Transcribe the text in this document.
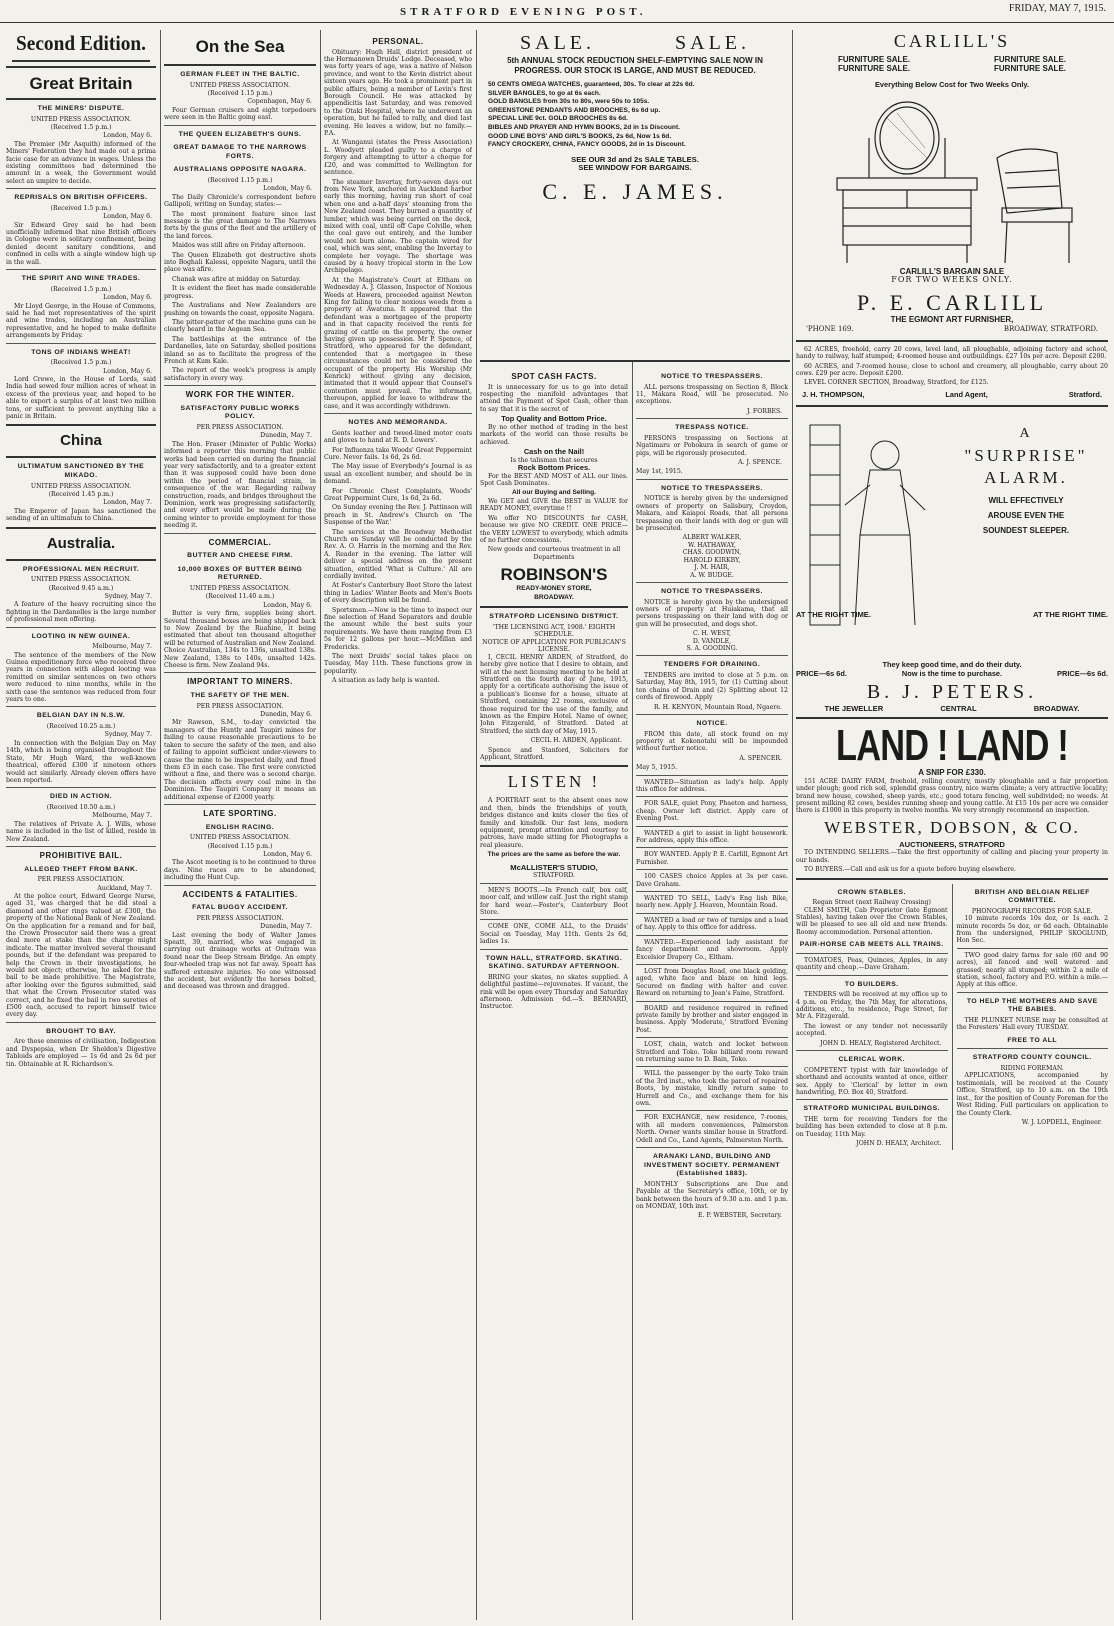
STRATFORD EVENING POST.	FRIDAY, MAY 7, 1915.
Second Edition.
Great Britain
THE MINERS' DISPUTE.
UNITED PRESS ASSOCIATION.
(Received 1.5 p.m.)
London, May 6.
The Premier (Mr Asquith) informed of the Miners' Federation they had made out a prima facie case for an advance in wages. Unless the existing committees had determined the amount in a week, the Government would select an umpire to decide.
REPRISALS ON BRITISH OFFICERS.
(Received 1.5 p.m.)
London, May 6.
Sir Edward Grey said he had been unofficially informed that nine British officers in Cologne were in solitary confinement, being denied decent sanitary conditions, and confined in cells with a single window high up in the wall.
THE SPIRIT AND WINE TRADES.
(Received 1.5 p.m.)
London, May 6.
Mr Lloyd George, in the House of Commons, said he had met representatives of the spirit and wine trades, including an Australian representative, and he hoped to make definite arrangements by Friday.
TONS OF INDIANS WHEAT!
(Received 1.5 p.m.)
London, May 6.
Lord Crewe, in the House of Lords, said India had sowed four million acres of wheat in excess of the previous year, and hoped to be able to export a surplus of at least two million tons, or sufficient to prevent anything like a panic in Britain.
China
ULTIMATUM SANCTIONED BY THE MIKADO.
UNITED PRESS ASSOCIATION.
(Received 1.45 p.m.)
London, May 7.
The Emperor of Japan has sanctioned the sending of an ultimatum to China.
Australia.
PROFESSIONAL MEN RECRUIT.
UNITED PRESS ASSOCIATION.
(Received 9.45 a.m.)
Sydney, May 7.
A feature of the heavy recruiting since the fighting in the Dardanelles is the large number of professional men offering.
LOOTING IN NEW GUINEA.
Melbourne, May 7.
The sentence of the members of the New Guinea expeditionary force who received three years in connection with alleged looting was remitted on similar sentences on two others were reduced to nine months, while in the sixth case the sentence was reduced from four years to one.
BELGIAN DAY IN N.S.W.
(Received 10.25 a.m.)
Sydney, May 7.
In connection with the Belgian Day on May 14th, which is being organised throughout the State, Mr Hugh Ward, the well-known theatrical, offered £300 if nineteen others would act similarly. Already eleven offers have been reported.
DIED IN ACTION.
(Received 10.50 a.m.)
Melbourne, May 7.
The relatives of Private A. J. Wills, whose name is included in the list of killed, reside in New Zealand.
PROHIBITIVE BAIL.
ALLEGED THEFT FROM BANK.
PER PRESS ASSOCIATION.
Auckland, May 7.
At the police court, Edward George Nurse, aged 31, was charged that he did steal a diamond and other rings valued at £300, the property of the National Bank of New Zealand. On the application for a remand and for bail, the Crown Prosecutor said there was a great deal more at stake than the charge might indicate. The matter involved several thousand pounds, but if the defendant was prepared to help the Crown in their investigations, he would not object; otherwise, he asked for the bail to be made prohibitive. The Magistrate, after looking over the figures submitted, said that what the Crown Prosecutor stated was correct, and he fixed the bail in two sureties of £500 each, accused to report himself twice every day.
BROUGHT TO BAY.
Are these enemies of civilisation, Indigestion and Dyspepsia, when Dr Sheldon's Digestive Tabloids are employed — 1s 6d and 2s 6d per tin. Obtainable at R. Richardson's.
On the Sea
GERMAN FLEET IN THE BALTIC.
UNITED PRESS ASSOCIATION.
(Received 1.15 p.m.)
Copenhagen, May 6.
Four German cruisers and eight torpedoers were seen in the Baltic going east.
THE QUEEN ELIZABETH'S GUNS.
GREAT DAMAGE TO THE NARROWS FORTS.
AUSTRALIANS OPPOSITE NAGARA.
(Received 1.15 p.m.)
London, May 6.
The Daily Chronicle's correspondent before Gallipoli, writing on Sunday, states:—
The most prominent feature since last message is the great damage to The Narrows forts by the guns of the fleet and the artillery of the land forces.
Maidos was still afire on Friday afternoon.
The Queen Elizabeth got destructive shots into Boghali Kalessi, opposite Nagara, until the place was afire.
Chanak was afire at midday on Saturday.
It is evident the fleet has made considerable progress.
The Australians and New Zealanders are pushing on towards the coast, opposite Nagara.
The pitter-patter of the machine guns can be clearly heard in the Aegean Sea.
The battleships at the entrance of the Dardanelles, late on Saturday, shelled positions inland so as to facilitate the progress of the French at Kum Kale.
The report of the week's progress is amply satisfactory in every way.
WORK FOR THE WINTER.
SATISFACTORY PUBLIC WORKS POLICY.
PER PRESS ASSOCIATION.
Dunedin, May 7.
The Hon. Fraser (Minister of Public Works) informed a reporter this morning that public works had been carried on during the financial year very satisfactorily, and to a greater extent than it was supposed could have been done within the period of financial strain, in consequence of the war. Regarding railway construction, roads, and bridges throughout the Dominion, work was progressing satisfactorily, and every effort would be made during the coming winter to provide employment for those needing it.
COMMERCIAL.
BUTTER AND CHEESE FIRM.
10,000 BOXES OF BUTTER BEING RETURNED.
UNITED PRESS ASSOCIATION.
(Received 11.40 a.m.)
London, May 6.
Butter is very firm, supplies being short. Several thousand boxes are being shipped back to New Zealand by the Ruahine, it being estimated that about ten thousand altogether will be returned of Australian and New Zealand. Choice Australian, 134s to 136s, unsalted 138s. New Zealand, 138s to 140s, unsalted 142s. Cheese is firm. New Zealand 94s.
IMPORTANT TO MINERS.
THE SAFETY OF THE MEN.
PER PRESS ASSOCIATION.
Dunedin, May 6.
Mr Rawson, S.M., to-day convicted the managers of the Huntly and Taupiri mines for failing to cause reasonable precautions to be taken to secure the safety of the men, and also of failing to appoint sufficient under-viewers to cause the mine to be inspected daily, and fined them £5 in each case. The first were convicted without a fine, and there was a second charge. The decision affects every coal mine in the Dominion. The Taupiri Company it means an additional expense of £2000 yearly.
LATE SPORTING.
ENGLISH RACING.
UNITED PRESS ASSOCIATION.
(Received 1.15 p.m.)
London, May 6.
The Ascot meeting is to be continued to three days. Nine races are to be abandoned, including the Hunt Cup.
ACCIDENTS & FATALITIES.
FATAL BUGGY ACCIDENT.
PER PRESS ASSOCIATION.
Dunedin, May 7.
Last evening the body of Walter James Speatt, 39, married, who was engaged in carrying out drainage works at Outram was found near the Deep Stream Bridge. An empty four-wheeled trap was not far away. Speatt has suffered extensive injuries. No one witnessed the accident, but evidently the horses bolted, and deceased was thrown and dragged.
PERSONAL.
Obituary: Hugh Hall, district president of the Hermanown Druids' Lodge. Deceased, who was forty years of age, was a native of Nelson province, and went to the Kevin district about sixteen years ago. He took a prominent part in public affairs, being a member of Levin's first Borough Council. He was attacked by appendicitis last Saturday, and was removed to the Otaki Hospital, where he underwent an operation, but he failed to rally, and died last evening. He leaves a widow, but no family.—P.A.
At Wanganui (states the Press Association) L. Woodyett pleaded guilty to a charge of forgery and attempting to utter a cheque for £20, and was committed to Wellington for sentence.
The steamer Invertay, forty-seven days out from New York, anchored in Auckland harbor early this morning, having run short of coal when one and a-half days' steaming from the New Zealand coast. They burned a quantity of lumber, which was being carried on the deck, mixed with coal, until off Cape Colville, when the coal gave out entirely, and the lumber would not burn alone. The captain wired for coal, which was sent, enabling the Invertay to complete her voyage. The shortage was caused by a heavy tropical storm in the Low Archipelago.
At the Magistrate's Court at Eltham on Wednesday A. J. Glasson, Inspector of Noxious Weeds at Hawera, proceeded against Newton King for failing to clear noxious weeds from a property at Awatuna. It appeared that the defendant was a mortgagee of the property and in that capacity received the rents for grazing of cattle on the property, the owner having given up possession. Mr P. Spence, of Stratford, who appeared for the defendant, contended that a mortgagee in these circumstances could not be considered the occupant of the property. His Worship (Mr Kenrick) without giving any decision, intimated that it would appear that Counsel's contention must prevail. The informant, thereupon, applied for leave to withdraw the case, and it was accordingly withdrawn.
NOTES AND MEMORANDA.
Gents leather and tweed-lined motor coats and gloves to hand at R. D. Lowers'.
For Influenza take Woods' Great Peppermint Cure. Never fails. 1s 6d, 2s 6d.
The May issue of Everybody's Journal is as usual an excellent number, and should be in demand.
For Chronic Chest Complaints, Woods' Great Peppermint Cure, 1s 6d, 2s 6d.
On Sunday evening the Rev. J. Pattinson will preach in St. Andrew's Church on 'The Suspense of the War.'
The services at the Broadway Methodist Church on Sunday will be conducted by the Rev. A. O. Harris in the morning and the Rev. A. Reader in the evening. The latter will deliver a special address on the present situation, entitled 'What is Culture.' All are cordially invited.
At Foster's Canterbury Boot Store the latest thing in Ladies' Winter Boots and Men's Boots of every description will be found.
Sportsmen.—Now is the time to inspect our fine selection of Hand Separators and double the amount while the best suits your requirements. We have them ranging from £3 5s for 12 gallons per hour.—McMillan and Fredericks.
The next Druids' social takes place on Tuesday, May 11th. These functions grow in popularity.
A situation as lady help is wanted.
SALE.	SALE.
5th ANNUAL STOCK REDUCTION SHELF-EMPTYING SALE NOW IN PROGRESS. OUR STOCK IS LARGE, AND MUST BE REDUCED.
50 CENTS OMEGA WATCHES, guaranteed, 30s. To clear at 22s 6d.
SILVER BANGLES, to go at 6s each.
GOLD BANGLES from 30s to 80s, were 50s to 105s.
GREENSTONE PENDANTS AND BROOCHES, 6s 6d up.
SPECIAL LINE 9ct. GOLD BROOCHES 8s 6d.
BIBLES AND PRAYER AND HYMN BOOKS, 2d in 1s Discount.
GOOD LINE BOYS' AND GIRL'S BOOKS, 2s 6d, Now 1s 6d.
FANCY CROCKERY, CHINA, FANCY GOODS, 2d in 1s Discount.
SEE OUR 3d and 2s SALE TABLES.
SEE WINDOW FOR BARGAINS.
C. E. JAMES.
SPOT CASH FACTS.
It is unnecessary for us to go into detail respecting the manifold advantages that attend the Payment of Spot Cash, other than to say that it is the secret of
Top Quality and Bottom Price.
By no other method of trading in the best markets of the world can those results be achieved.
Cash on the Nail!
Is the talisman that secures
Rock Bottom Prices.
For the BEST AND MOST of ALL our lines. Spot Cash Dominates.
All our Buying and Selling.
We GET and GIVE the BEST in VALUE for READY MONEY, everytime !!
We offer NO DISCOUNTS for CASH, because we give NO CREDIT. ONE PRICE—the VERY LOWEST to everybody, which admits of no further concessions.
New goods and courteous treatment in all Departments
ROBINSON'S
READY-MONEY STORE,
BROADWAY.
STRATFORD LICENSING DISTRICT.
'THE LICENSING ACT, 1908.' EIGHTH SCHEDULE.
NOTICE OF APPLICATION FOR PUBLICAN'S LICENSE.
I, CECIL HENRY ARDEN, of Stratford, do hereby give notice that I desire to obtain, and will at the next licensing meeting to be held at Stratford on the fourth day of June, 1915, apply for a certificate authorising the issue of a publican's license for a house, situate at Stratford, containing 22 rooms, exclusive of those required for the use of the family, and known as the Empire Hotel. Name of owner, John Fitzgerald, of Stratford. Dated at Stratford, the sixth day of May, 1915.
CECIL H. ARDEN, Applicant.
Spence and Stanford, Solicitors for Applicant, Stratford.
LISTEN !
A PORTRAIT sent to the absent ones now and then, binds the friendships of youth, bridges distance and knits closer the ties of family and kinsfolk. Our fast lens, modern equipment, prompt attention and courtesy to patrons, have made sitting for Photographs a real pleasure.
The prices are the same as before the war.
McALLISTER'S STUDIO,
STRATFORD.
MEN'S BOOTS.—In French calf, box calf, moor calf, and willow calf. Just the right stamp for hard wear.—Foster's, Canterbury Boot Store.
COME ONE, COME ALL, to the Druids' Social on Tuesday, May 11th. Gents 2s 6d, ladies 1s.
TOWN HALL, STRATFORD. SKATING. SKATING. SATURDAY AFTERNOON.
BRING your skates, no skates supplied. A delightful pastime—rejuvenates. If vacant, the rink will be open every Thursday and Saturday afternoon. Admission 6d.—S. BERNARD, Instructor.
NOTICE TO TRESPASSERS.
ALL persons trespassing on Section 8, Block 11, Makara Road, will be prosecuted. No exceptions.
J. FORBES.
TRESPASS NOTICE.
PERSONS trespassing on Sections at Ngatimaru or Pohokura in search of game or pigs, will be rigorously prosecuted.
A. J. SPENCE.
May 1st, 1915.
NOTICE TO TRESPASSERS.
NOTICE is hereby given by the undersigned owners of property on Salisbury, Croydon, Makara, and Kaiapoi Roads, that all persons trespassing on their lands with dog or gun will be prosecuted.
ALBERT WALKER,
W. HATHAWAY,
CHAS. GOODWIN,
HAROLD KIRKBY,
J. M. HAIR,
A. W. BUDGE.
NOTICE TO TRESPASSERS.
NOTICE is hereby given by the undersigned owners of property at Huiakama, that all persons trespassing on their land with dog or gun will be prosecuted, and dogs shot.
C. H. WEST,
D. VANDLE,
S. A. GOODING.
TENDERS FOR DRAINING.
TENDERS are invited to close at 5 p.m. on Saturday, May 8th, 1915, for (1) Cutting about ten chains of Drain and (2) Splitting about 12 cords of firewood. Apply
R. H. KENYON, Mountain Road, Ngaere.
NOTICE.
FROM this date, all stock found on my property at Kokonotahi will be impounded without further notice.
A. SPENCER.
May 5, 1915.
WANTED—Situation as lady's help. Apply this office for address.
FOR SALE, quiet Pony, Phaeton and harness, cheap. Owner left district. Apply care of Evening Post.
WANTED a girl to assist in light housework. For address, apply this office.
BOY WANTED. Apply P. E. Carlill, Egmont Art Furnisher.
100 CASES choice Apples at 3s per case. Dave Graham.
WANTED TO SELL, Lady's Eng lish Bike, nearly new. Apply J. Heaven, Mountain Road.
WANTED a load or two of turnips and a load of hay. Apply to this office for address.
WANTED.—Experienced lady assistant for fancy department and showroom. Apply Excelsior Drapery Co., Eltham.
LOST from Douglas Road, one black gelding, aged, white face and blaze on hind legs. Secured on finding with halter and cover. Reward on returning to Jean's Faine, Stratford.
BOARD and residence required in refined private family by brother and sister engaged in business. Apply 'Moderate,' Stratford Evening Post.
LOST, chain, watch and locket between Stratford and Toko. Toko billiard room reward on returning same to D. Bain, Toko.
WILL the passenger by the early Toko train of the 3rd inst., who took the parcel of repaired Boots, by mistake, kindly return same to Hurrell and Co., and exchange them for his own.
FOR EXCHANGE, new residence, 7-rooms, with all modern conveniences, Palmerston North. Owner wants similar house in Stratford. Odell and Co., Land Agents, Palmerston North.
ARANAKI LAND, BUILDING AND INVESTMENT SOCIETY. PERMANENT (Established 1883).
MONTHLY Subscriptions are Due and Payable at the Secretary's office, 10th, or by bank between the hours of 9.30 a.m. and 1 p.m. on MONDAY, 10th inst.
E. P. WEBSTER, Secretary.
CARLILL'S
FURNITURE SALE.	FURNITURE SALE.
FURNITURE SALE.	FURNITURE SALE.
Everything Below Cost for Two Weeks Only.
CARLILL'S BARGAIN SALE
FOR TWO WEEKS ONLY.
P. E. CARLILL
THE EGMONT ART FURNISHER,
'PHONE 169.	BROADWAY, STRATFORD.
62 ACRES, freehold, carry 20 cows, level land, all ploughable, adjoining factory and school, handy to railway, half stumped; 4-roomed house and outbuildings. £27 10s per acre. Deposit £200.
60 ACRES, and 7-roomed house, close to school and creamery, all ploughable, carry about 20 cows. £29 per acre. Deposit £200.
LEVEL CORNER SECTION, Broadway, Stratford, for £125.
J. H. THOMPSON,	Land Agent,	Stratford.
A
"SURPRISE"
ALARM.
WILL EFFECTIVELY
AROUSE EVEN THE
SOUNDEST SLEEPER.
AT THE RIGHT TIME.	AT THE RIGHT TIME.
They keep good time, and do their duty.
PRICE—6s 6d.	Now is the time to purchase.	PRICE—6s 6d.
B. J. PETERS.
THE JEWELLER	CENTRAL	BROADWAY.
LAND ! LAND !
A SNIP FOR £330.
151 ACRE DAIRY FARM, freehold, rolling country, mostly ploughable and a fair proportion under plough; good rich soil, splendid grass country, nice warm climate; a very attractive locality; brand new house, cowshed, sheep yards, etc.; good totara fencing, well subdivided; no weeds. At present milking 82 cows, besides running sheep and young cattle. At £15 10s per acre we consider there is £1000 in this property in twelve months. We very strongly recommend an inspection.
WEBSTER, DOBSON, & CO.
AUCTIONEERS, STRATFORD
TO INTENDING SELLERS.—Take the first opportunity of calling and placing your property in our hands.
TO BUYERS.—Call and ask us for a quote before buying elsewhere.
CROWN STABLES.
Regan Street (next Railway Crossing)
CLEM SMITH, Cab Proprietor (late Egmont Stables), having taken over the Crown Stables, will be pleased to see all old and new friends. Roomy accommodation. Personal attention.
PAIR-HORSE CAB MEETS ALL TRAINS.
TOMATOES, Peas, Quinces, Apples, in any quantity and cheap.—Dave Graham.
TO BUILDERS.
TENDERS will be received at my office up to 4 p.m. on Friday, the 7th May, for alterations, additions, etc., to residence, Page Street, for Mr A. Fitzgerald.
The lowest or any tender not necessarily accepted.
JOHN D. HEALY, Registered Architect.
CLERICAL WORK.
COMPETENT typist with fair knowledge of shorthand and accounts wanted at once, either sex. Apply to 'Clerical' by letter in own handwriting, P.O. Box 40, Stratford.
STRATFORD MUNICIPAL BUILDINGS.
THE term for receiving Tenders for the building has been extended to close at 8 p.m. on Tuesday, 11th May.
JOHN D. HEALY, Architect.
BRITISH AND BELGIAN RELIEF COMMITTEE.
PHONOGRAPH RECORDS FOR SALE.
10 minute records 10s doz, or 1s each. 2 minute records 5s doz, or 6d each. Obtainable from the undersigned, PHILIP SKOGLUND, Hon Sec.
TWO good dairy farms for sale (60 and 90 acres), all fenced and well watered and grassed; nearly all stumped; within 2 a mile of station, school, factory and P.O. within a mile.—Apply at this office.
TO HELP THE MOTHERS AND SAVE THE BABIES.
THE PLUNKET NURSE may be consulted at the Foresters' Hall every TUESDAY.
FREE TO ALL
STRATFORD COUNTY COUNCIL.
RIDING FOREMAN.
APPLICATIONS, accompanied by testimonials, will be received at the County Office, Stratford, up to 10 a.m. on the 19th inst., for the position of County Foreman for the West Riding. Full particulars on application to the County Clerk.
W. J. LOPDELL, Engineer.
